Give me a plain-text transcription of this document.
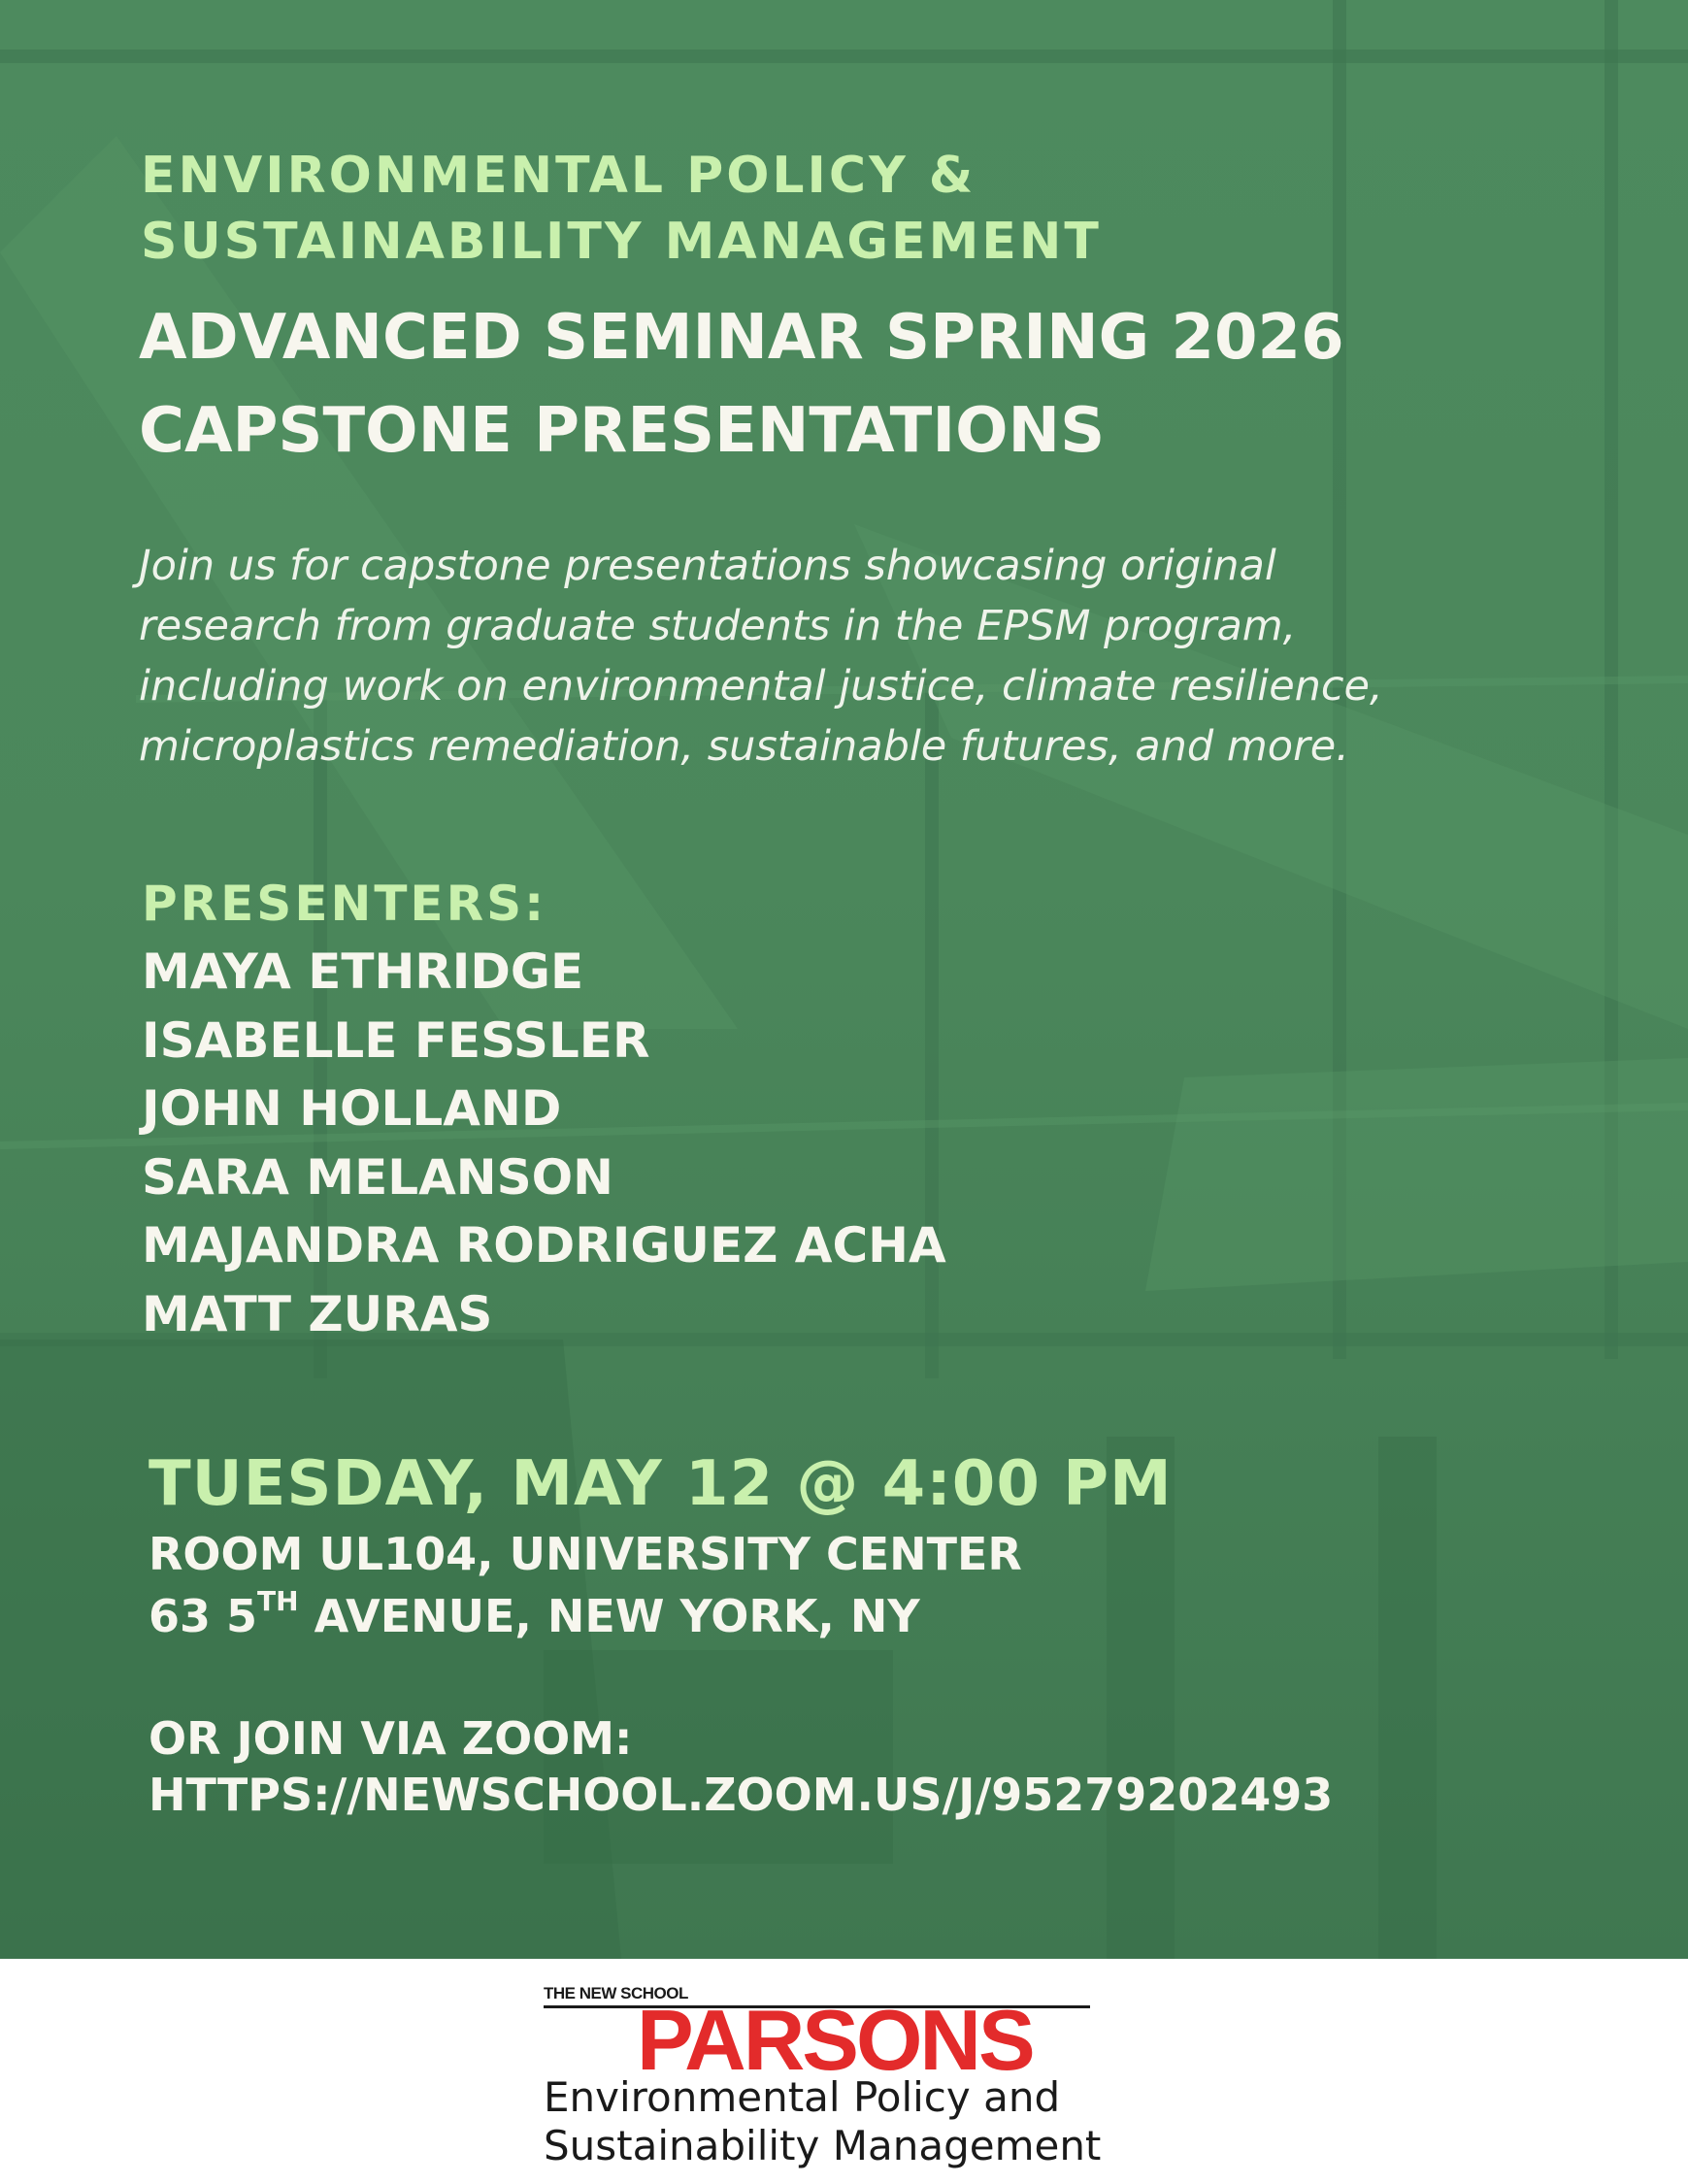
ENVIRONMENTAL POLICY &
SUSTAINABILITY MANAGEMENT
ADVANCED SEMINAR SPRING 2026
CAPSTONE PRESENTATIONS

Join us for capstone presentations showcasing original
research from graduate students in the EPSM program,
including work on environmental justice, climate resilience,
microplastics remediation, sustainable futures, and more.

PRESENTERS:
MAYA ETHRIDGE
ISABELLE FESSLER
JOHN HOLLAND
SARA MELANSON
MAJANDRA RODRIGUEZ ACHA
MATT ZURAS
TUESDAY, MAY 12 @ 4:00 PM

ROOM UL104, UNIVERSITY CENTER

63 5TH AVENUE, NEW YORK, NY

OR JOIN VIA ZOOM:

HTTPS://NEWSCHOOL.ZOOM.US/J/95279202493

THE NEW SCHOOL
PARSONS
Environmental Policy and
Sustainability Management
